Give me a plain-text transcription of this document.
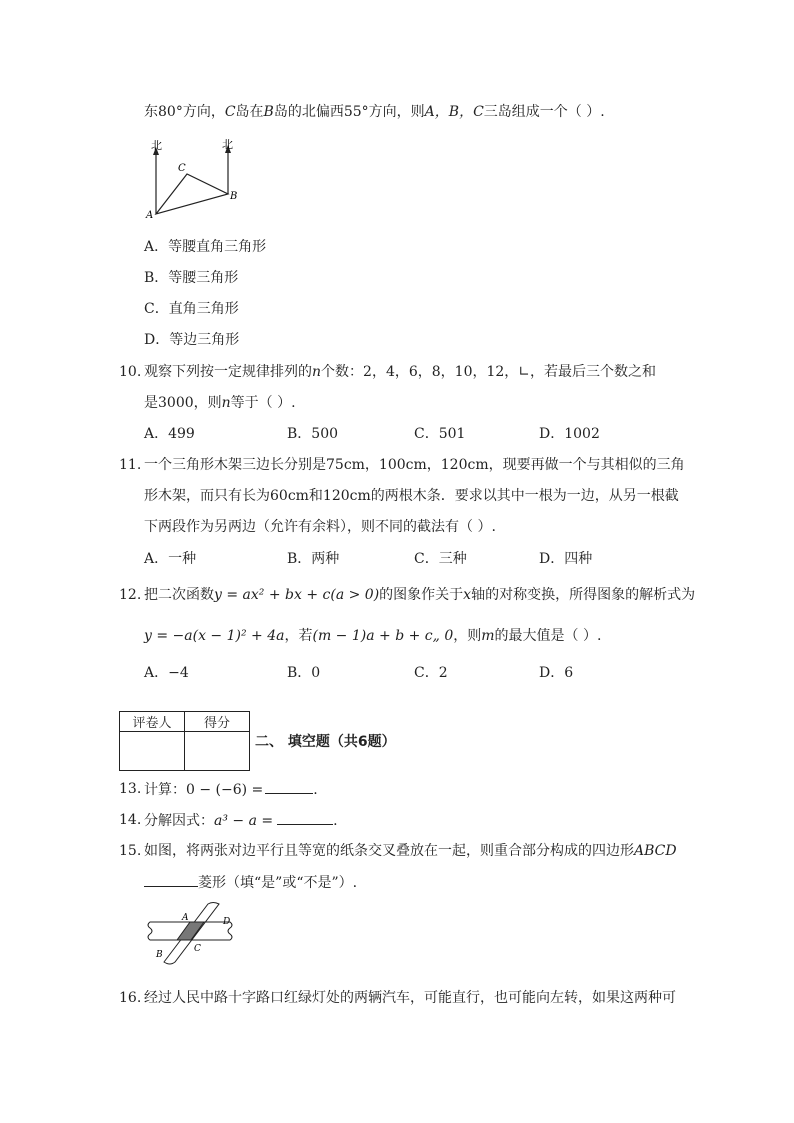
东80°方向，C岛在B岛的北偏西55°方向，则A，B，C三岛组成一个（ ）.
北	北
A
B
C
A．等腰直角三角形
B．等腰三角形
C．直角三角形
D．等边三角形
10. 观察下列按一定规律排列的n个数：2，4，6，8，10，12，∟，若最后三个数之和
是3000，则n等于（ ）.
A．499	B．500	C．501	D．1002
11. 一个三角形木架三边长分别是75cm，100cm，120cm，现要再做一个与其相似的三角
形木架，而只有长为60cm和120cm的两根木条．要求以其中一根为一边，从另一根截
下两段作为另两边（允许有余料），则不同的截法有（ ）.
A．一种	B．两种	C．三种	D．四种
12. 把二次函数y = ax² + bx + c(a > 0)的图象作关于x轴的对称变换，所得图象的解析式为
y = −a(x − 1)² + 4a，若(m − 1)a + b + c„ 0，则m的最大值是（ ）.
A．−4	B．0	C．2	D．6
评卷人	得分

二、 填空题（共6题）
13. 计算：0 − (−6) =	.
14. 分解因式：a³ − a =	.
15. 如图，将两张对边平行且等宽的纸条交叉叠放在一起，则重合部分构成的四边形ABCD
菱形（填“是”或“不是”）.
A	D
B
C
16. 经过人民中路十字路口红绿灯处的两辆汽车，可能直行，也可能向左转，如果这两种可
